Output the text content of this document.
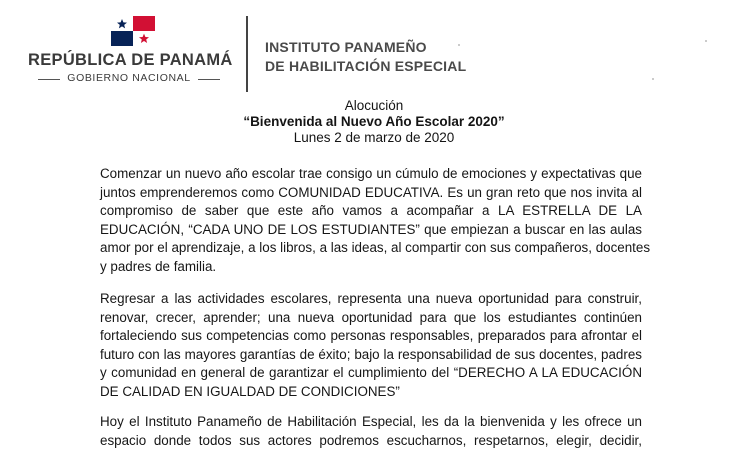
REPÚBLICA DE PANAMÁ
GOBIERNO NACIONAL
INSTITUTO PANAMEÑO
DE HABILITACIÓN ESPECIAL
Alocución
“Bienvenida al Nuevo Año Escolar 2020”
Lunes 2 de marzo de 2020
Comenzar un nuevo año escolar trae consigo un cúmulo de emociones y expectativas que
juntos emprenderemos como COMUNIDAD EDUCATIVA. Es un gran reto que nos invita al
compromiso de saber que este año vamos a acompañar a LA ESTRELLA DE LA
EDUCACIÓN, “CADA UNO DE LOS ESTUDIANTES” que empiezan a buscar en las aulas
amor por el aprendizaje, a los libros, a las ideas, al compartir con sus compañeros, docentes
y padres de familia.
Regresar a las actividades escolares, representa una nueva oportunidad para construir,
renovar, crecer, aprender; una nueva oportunidad para que los estudiantes continúen
fortaleciendo sus competencias como personas responsables, preparados para afrontar el
futuro con las mayores garantías de éxito; bajo la responsabilidad de sus docentes, padres
y comunidad en general de garantizar el cumplimiento del “DERECHO A LA EDUCACIÓN
DE CALIDAD EN IGUALDAD DE CONDICIONES”
Hoy el Instituto Panameño de Habilitación Especial, les da la bienvenida y les ofrece un
espacio donde todos sus actores podremos escucharnos, respetarnos, elegir, decidir,
